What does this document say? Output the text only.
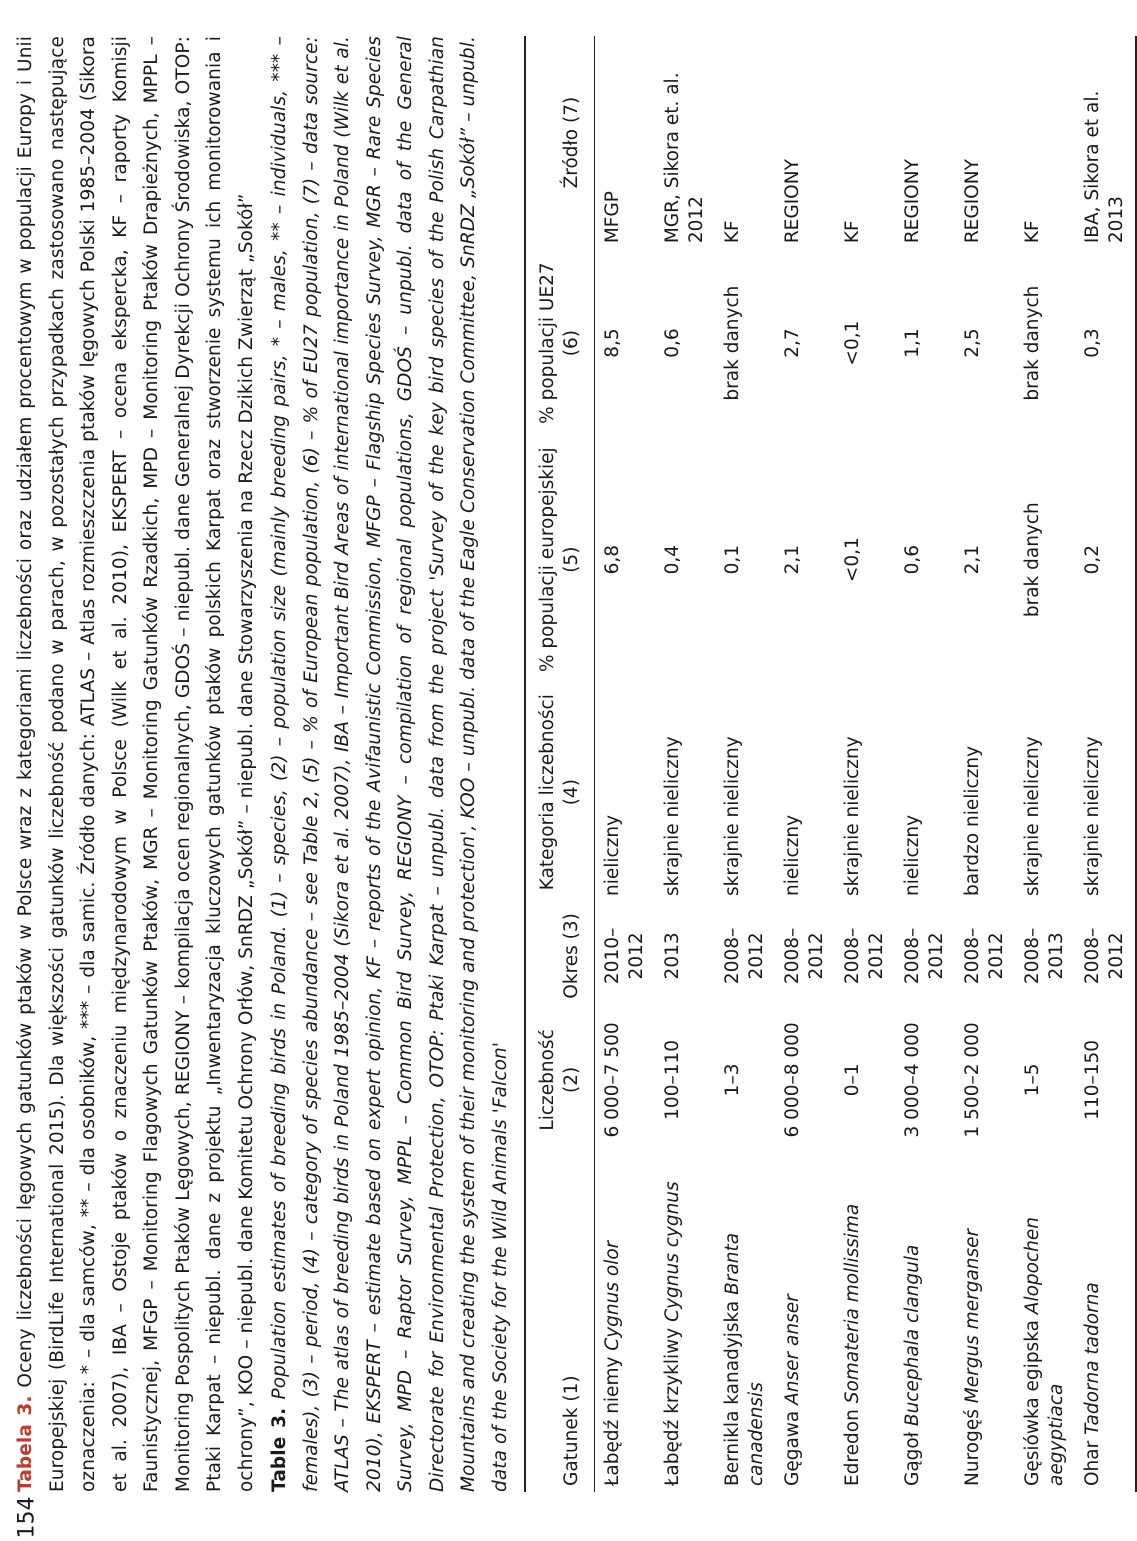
154

Tabela 3. Oceny liczebności lęgowych gatunków ptaków w Polsce wraz z kategoriami liczebności oraz udziałem procentowym w populacji Europy i Unii Europejskiej (BirdLife International 2015). Dla większości gatunków liczebność podano w parach, w pozostałych przypadkach zastosowano następujące oznaczenia: * – dla samców, ** – dla osobników, *** – dla samic. Źródło danych: ATLAS – Atlas rozmieszczenia ptaków lęgowych Polski 1985–2004 (Sikora et al. 2007), IBA – Ostoje ptaków o znaczeniu międzynarodowym w Polsce (Wilk et al. 2010), EKSPERT – ocena ekspercka, KF – raporty Komisji Faunistycznej, MFGP – Monitoring Flagowych Gatunków Ptaków, MGR – Monitoring Gatunków Rzadkich, MPD – Monitoring Ptaków Drapieżnych, MPPL – Monitoring Pospolitych Ptaków Lęgowych, REGIONY – kompilacja ocen regionalnych, GDOŚ – niepubl. dane Generalnej Dyrekcji Ochrony Środowiska, OTOP: Ptaki Karpat – niepubl. dane z projektu „Inwentaryzacja kluczowych gatunków ptaków polskich Karpat oraz stworzenie systemu ich monitorowania i ochrony”, KOO – niepubl. dane Komitetu Ochrony Orłów, SnRDZ „Sokół” – niepubl. dane Stowarzyszenia na Rzecz Dzikich Zwierząt „Sokół” Table 3. Population estimates of breeding birds in Poland. (1) – species, (2) – population size (mainly breeding pairs, * – males, ** – individuals, *** – females), (3) – period, (4) – category of species abundance – see Table 2, (5) – % of European population, (6) – % of EU27 population, (7) – data source: ATLAS – The atlas of breeding birds in Poland 1985–2004 (Sikora et al. 2007), IBA – Important Bird Areas of international importance in Poland (Wilk et al. 2010), EKSPERT – estimate based on expert opinion, KF – reports of the Avifaunistic Commission, MFGP – Flagship Species Survey, MGR – Rare Species Survey, MPD – Raptor Survey, MPPL – Common Bird Survey, REGIONY – compilation of regional populations, GDOŚ – unpubl. data of the General Directorate for Environmental Protection, OTOP: Ptaki Karpat – unpubl. data from the project 'Survey of the key bird species of the Polish Carpathian Mountains and creating the system of their monitoring and protection', KOO – unpubl. data of the Eagle Conservation Committee, SnRDZ „Sokół” – unpubl. data of the Society for the Wild Animals 'Falcon'	Gatunek (1)	Liczebność (2)	Okres (3)	Kategoria liczebności (4)	% populacji europejskiej (5)	% populacji UE27 (6)	Źródło (7)
Łabędź niemy Cygnus olor	6 000–7 500	2010–2012	nieliczny	6,8	8,5	MFGP
Łabędź krzykliwy Cygnus cygnus	100–110	2013	skrajnie nieliczny	0,4	0,6	MGR, Sikora et. al. 2012
Bernikla kanadyjska Branta canadensis	1–3	2008–2012	skrajnie nieliczny	0,1	brak danych	KF
Gęgawa Anser anser	6 000–8 000	2008–2012	nieliczny	2,1	2,7	REGIONY
Edredon Somateria mollissima	0–1	2008–2012	skrajnie nieliczny	<0,1	<0,1	KF
Gągoł Bucephala clangula	3 000–4 000	2008–2012	nieliczny	0,6	1,1	REGIONY
Nurogęś Mergus merganser	1 500–2 000	2008–2012	bardzo nieliczny	2,1	2,5	REGIONY
Gęsiówka egipska Alopochen aegyptiaca	1–5	2008–2013	skrajnie nieliczny	brak danych	brak danych	KF
Ohar Tadorna tadorna	110–150	2008–2012	skrajnie nieliczny	0,2	0,3	IBA, Sikora et al. 2013
